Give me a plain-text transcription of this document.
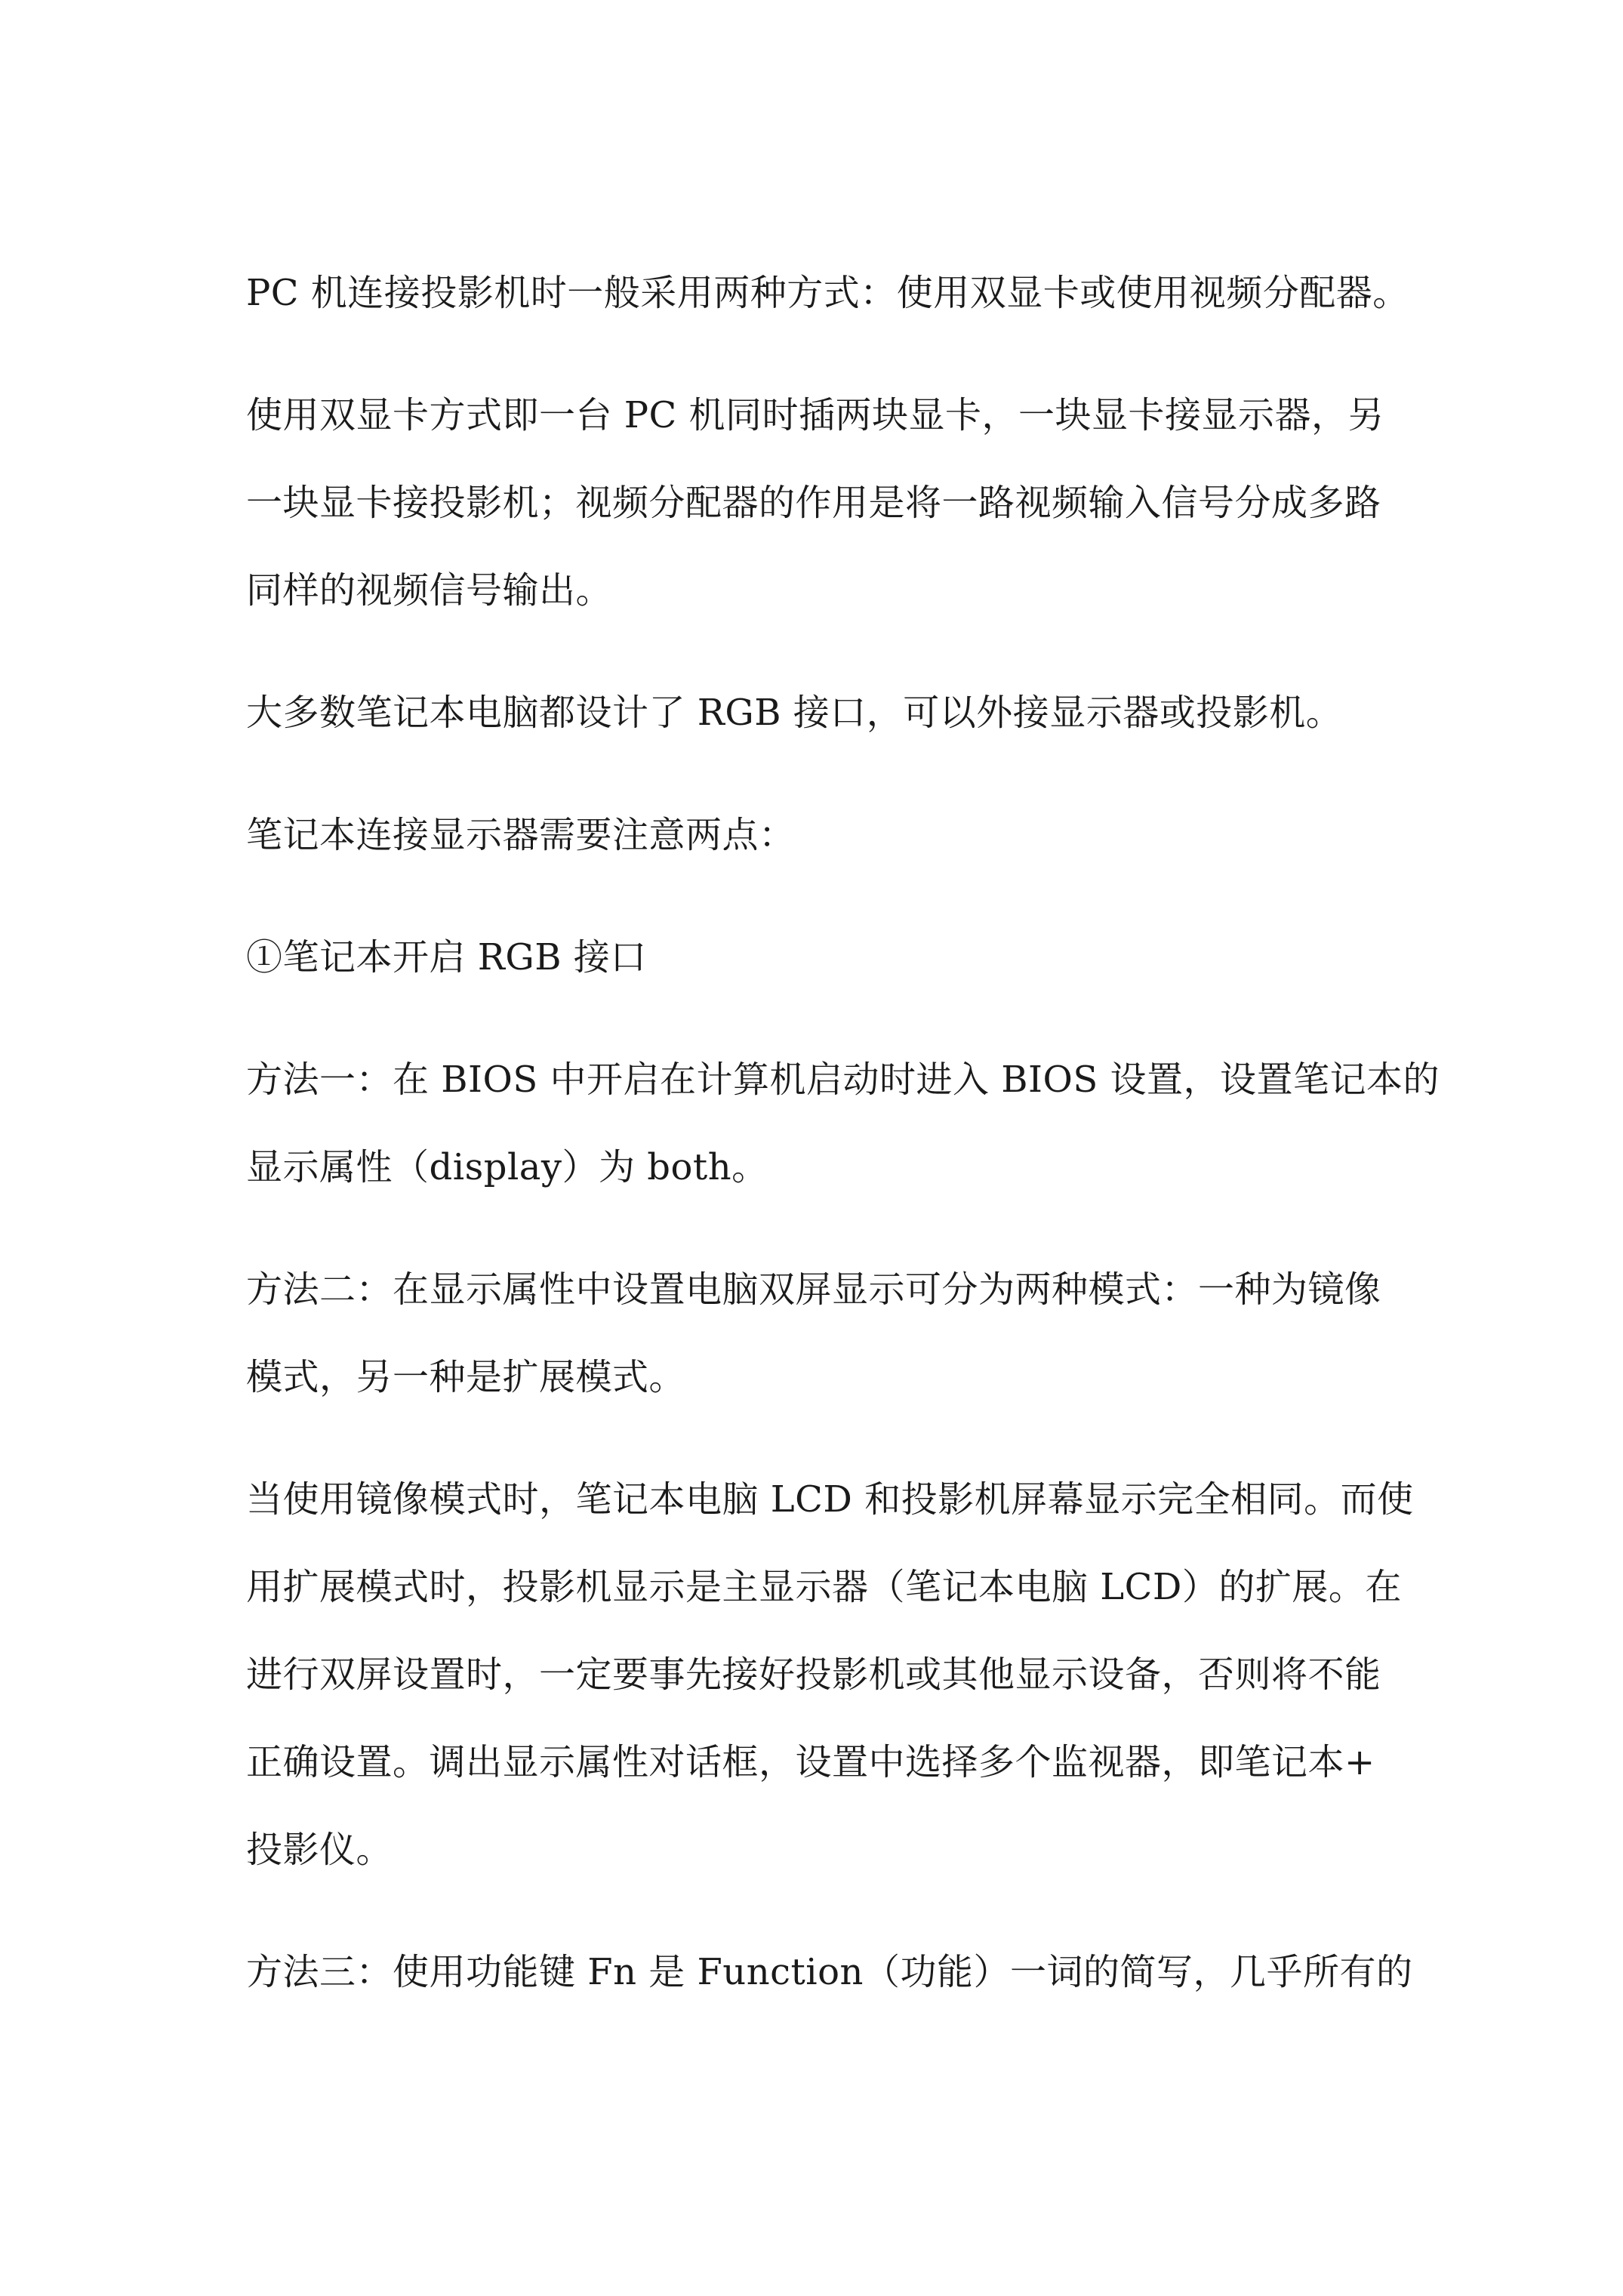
PC 机连接投影机时一般采用两种方式：使用双显卡或使用视频分配器。

使用双显卡方式即一台 PC 机同时插两块显卡，一块显卡接显示器，另
一块显卡接投影机；视频分配器的作用是将一路视频输入信号分成多路
同样的视频信号输出。

大多数笔记本电脑都设计了 RGB 接口，可以外接显示器或投影机。

笔记本连接显示器需要注意两点：

①笔记本开启 RGB 接口

方法一：在 BIOS 中开启在计算机启动时进入 BIOS 设置，设置笔记本的
显示属性（display）为 both。

方法二：在显示属性中设置电脑双屏显示可分为两种模式：一种为镜像
模式，另一种是扩展模式。

当使用镜像模式时，笔记本电脑 LCD 和投影机屏幕显示完全相同。而使
用扩展模式时，投影机显示是主显示器（笔记本电脑 LCD）的扩展。在
进行双屏设置时，一定要事先接好投影机或其他显示设备，否则将不能
正确设置。调出显示属性对话框，设置中选择多个监视器，即笔记本+
投影仪。

方法三：使用功能键 Fn 是 Function（功能）一词的简写，几乎所有的
